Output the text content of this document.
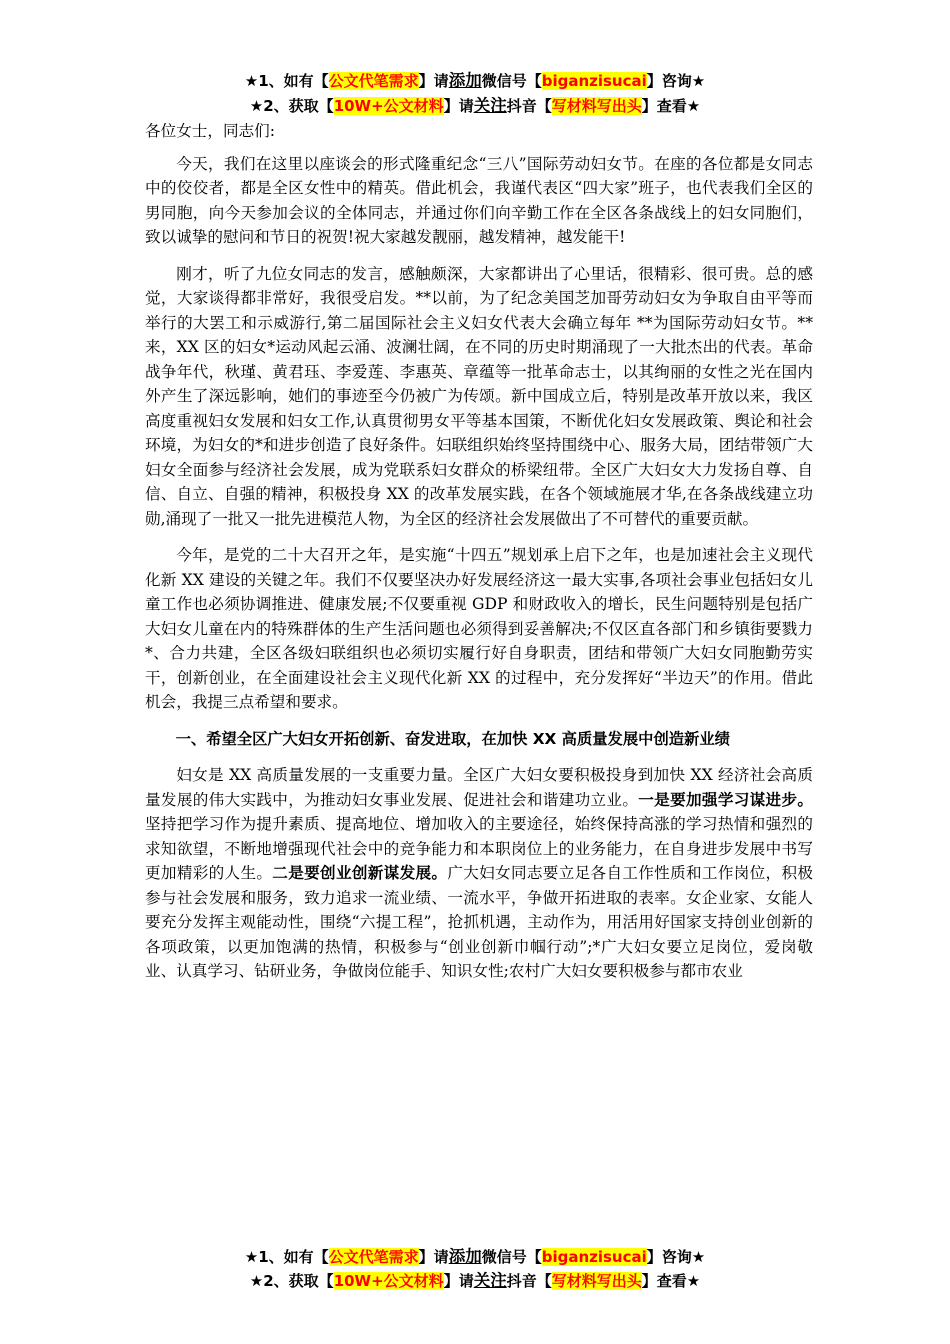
★1、如有【公文代笔需求】请添加微信号【biganzisucai】咨询★
★2、获取【10W+公文材料】请关注抖音【写材料写出头】查看★

各位女士，同志们:

今天，我们在这里以座谈会的形式隆重纪念“三八”国际劳动妇女节。在座的各位都是女同志中的佼佼者，都是全区女性中的精英。借此机会，我谨代表区“四大家”班子，也代表我们全区的男同胞，向今天参加会议的全体同志，并通过你们向辛勤工作在全区各条战线上的妇女同胞们，致以诚挚的慰问和节日的祝贺!祝大家越发靓丽，越发精神，越发能干!

刚才，听了九位女同志的发言，感触颇深，大家都讲出了心里话，很精彩、很可贵。总的感觉，大家谈得都非常好，我很受启发。**以前，为了纪念美国芝加哥劳动妇女为争取自由平等而举行的大罢工和示威游行,第二届国际社会主义妇女代表大会确立每年 **为国际劳动妇女节。**来，XX 区的妇女*运动风起云涌、波澜壮阔，在不同的历史时期涌现了一大批杰出的代表。革命战争年代，秋瑾、黄君珏、李爱莲、李惠英、章蕴等一批革命志士，以其绚丽的女性之光在国内外产生了深远影响，她们的事迹至今仍被广为传颂。新中国成立后，特别是改革开放以来，我区高度重视妇女发展和妇女工作,认真贯彻男女平等基本国策，不断优化妇女发展政策、舆论和社会环境，为妇女的*和进步创造了良好条件。妇联组织始终坚持围绕中心、服务大局，团结带领广大妇女全面参与经济社会发展，成为党联系妇女群众的桥梁纽带。全区广大妇女大力发扬自尊、自信、自立、自强的精神，积极投身 XX 的改革发展实践，在各个领域施展才华,在各条战线建立功勋,涌现了一批又一批先进模范人物，为全区的经济社会发展做出了不可替代的重要贡献。

今年，是党的二十大召开之年，是实施“十四五”规划承上启下之年，也是加速社会主义现代化新 XX 建设的关键之年。我们不仅要坚决办好发展经济这一最大实事,各项社会事业包括妇女儿童工作也必须协调推进、健康发展;不仅要重视 GDP 和财政收入的增长，民生问题特别是包括广大妇女儿童在内的特殊群体的生产生活问题也必须得到妥善解决;不仅区直各部门和乡镇街要戮力*、合力共建，全区各级妇联组织也必须切实履行好自身职责，团结和带领广大妇女同胞勤劳实干，创新创业，在全面建设社会主义现代化新 XX 的过程中，充分发挥好“半边天”的作用。借此机会，我提三点希望和要求。

一、希望全区广大妇女开拓创新、奋发进取，在加快 XX 高质量发展中创造新业绩

妇女是 XX 高质量发展的一支重要力量。全区广大妇女要积极投身到加快 XX 经济社会高质量发展的伟大实践中，为推动妇女事业发展、促进社会和谐建功立业。一是要加强学习谋进步。坚持把学习作为提升素质、提高地位、增加收入的主要途径，始终保持高涨的学习热情和强烈的求知欲望，不断地增强现代社会中的竞争能力和本职岗位上的业务能力，在自身进步发展中书写更加精彩的人生。二是要创业创新谋发展。广大妇女同志要立足各自工作性质和工作岗位，积极参与社会发展和服务，致力追求一流业绩、一流水平，争做开拓进取的表率。女企业家、女能人要充分发挥主观能动性，围绕“六提工程”，抢抓机遇，主动作为，用活用好国家支持创业创新的各项政策，以更加饱满的热情，积极参与“创业创新巾帼行动”;*广大妇女要立足岗位，爱岗敬业、认真学习、钻研业务，争做岗位能手、知识女性;农村广大妇女要积极参与都市农业

★1、如有【公文代笔需求】请添加微信号【biganzisucai】咨询★
★2、获取【10W+公文材料】请关注抖音【写材料写出头】查看★
